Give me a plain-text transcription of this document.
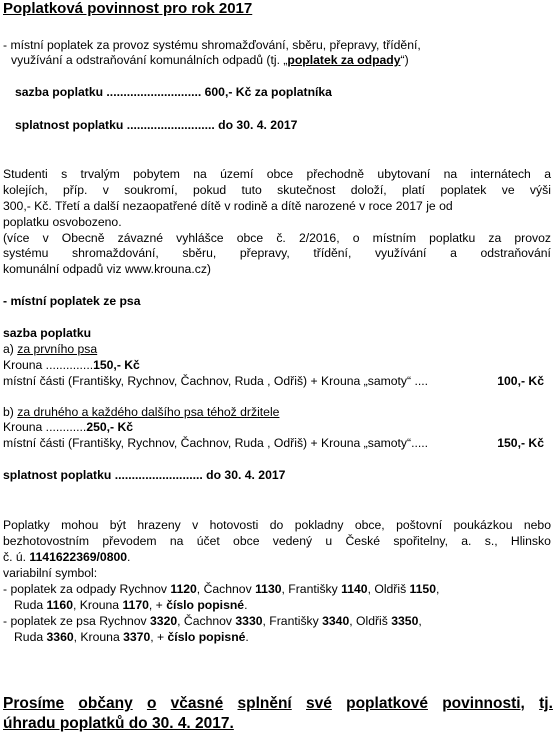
Poplatková povinnost pro rok 2017
- místní poplatek za provoz systému shromažďování, sběru, přepravy, třídění,
využívání a odstraňování komunálních odpadů (tj. „poplatek za odpady“)
sazba poplatku ............................ 600,- Kč za poplatníka
splatnost poplatku .......................... do 30. 4. 2017
Studenti s trvalým pobytem na území obce přechodně ubytovaní na internátech a
kolejích, příp. v soukromí, pokud tuto skutečnost doloží, platí poplatek ve výši
300,- Kč. Třetí a další nezaopatřené dítě v rodině a dítě narozené v roce 2017 je od
poplatku osvobozeno.
(více v Obecně závazné vyhlášce obce č. 2/2016, o místním poplatku za provoz
systému shromaždování, sběru, přepravy, třídění, využívání a odstraňování
komunální odpadů viz www.krouna.cz)
- místní poplatek ze psa
sazba poplatku
a) za prvního psa
Krouna ..............150,- Kč
místní části (Františky, Rychnov, Čachnov, Ruda , Odřiš) + Krouna „samoty“ ....	100,- Kč
b) za druhého a každého dalšího psa téhož držitele
Krouna ............250,- Kč
místní části (Františky, Rychnov, Čachnov, Ruda , Odřiš) + Krouna „samoty“.....	150,- Kč
splatnost poplatku .......................... do 30. 4. 2017
Poplatky mohou být hrazeny v hotovosti do pokladny obce, poštovní poukázkou nebo
bezhotovostním převodem na účet obce vedený u České spořitelny, a. s., Hlinsko
č. ú. 1141622369/0800.
variabilní symbol:
- poplatek za odpady Rychnov 1120, Čachnov 1130, Františky 1140, Oldřiš 1150,
Ruda 1160, Krouna 1170, + číslo popisné.
- poplatek ze psa Rychnov 3320, Čachnov 3330, Františky 3340, Oldřiš 3350,
Ruda 3360, Krouna 3370, + číslo popisné.
Prosíme občany o včasné splnění své poplatkové povinnosti, tj.
úhradu poplatků do 30. 4. 2017.
